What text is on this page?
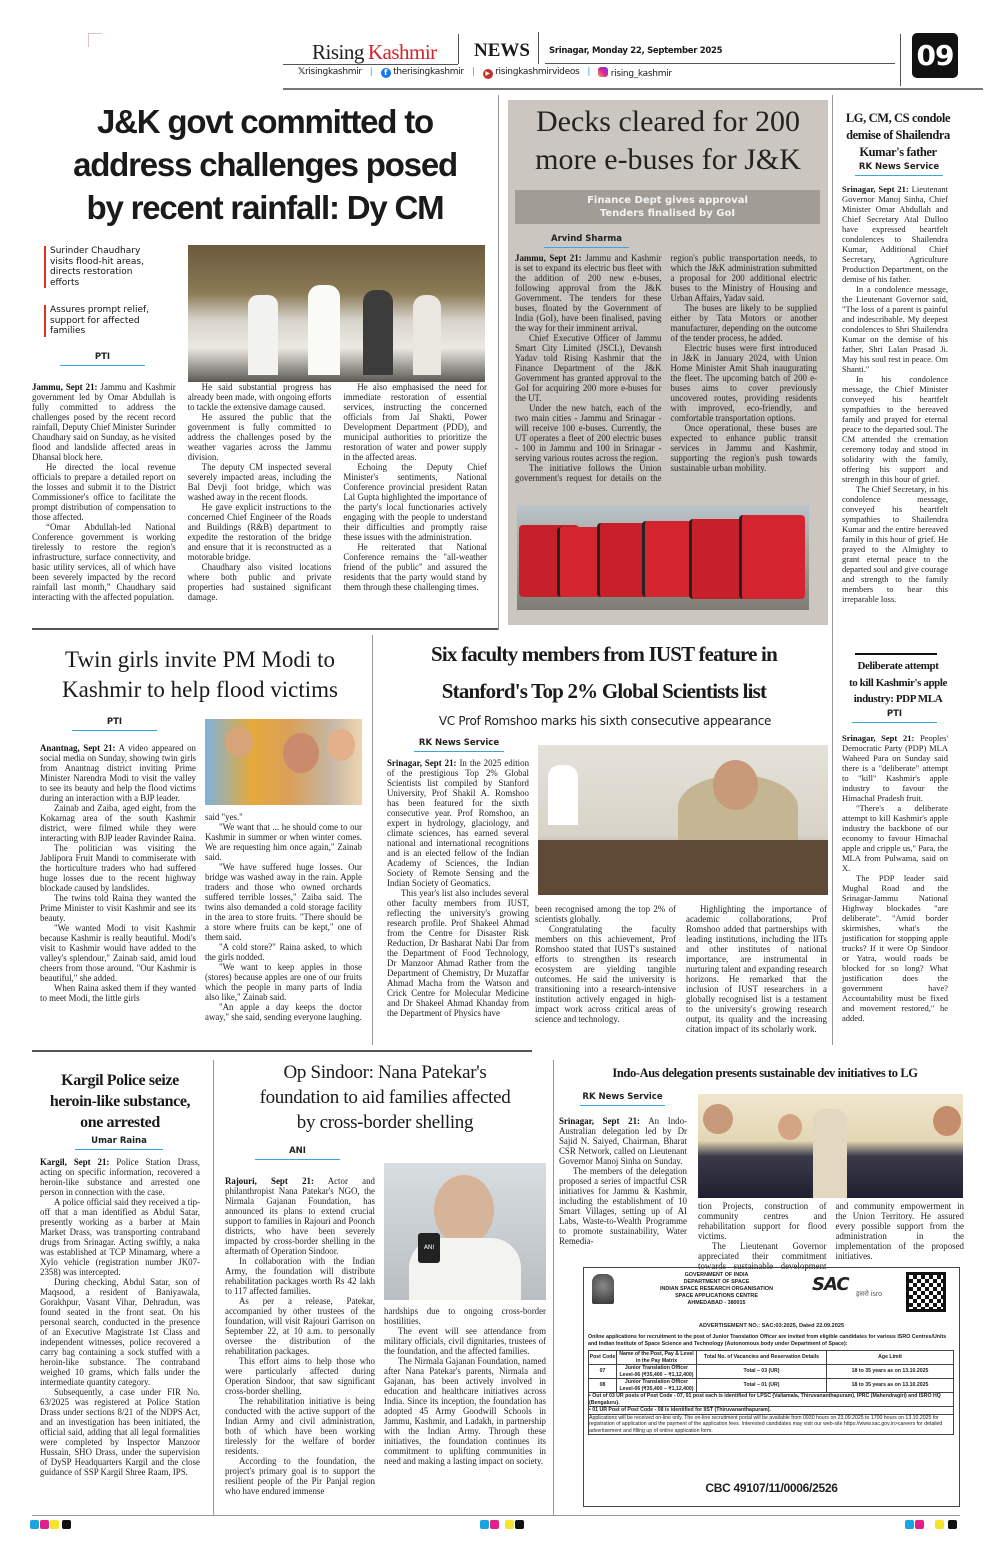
Rising Kashmir NEWS Srinagar, Monday 22, September 2025	09
𝕏risingkashmir |	f therisingkashmir |	▶ risingkashmirvideos |	rising_kashmir
J&K govt committed to
address challenges posed
by recent rainfall: Dy CM
Surinder Chaudhary visits flood-hit areas, directs restoration efforts
Assures prompt relief, support for affected families
PTI

Jammu, Sept 21: Jammu and Kashmir government led by Omar Abdullah is fully committed to address the challenges posed by the recent record rainfall, Deputy Chief Minister Surinder Chaudhary said on Sunday, as he visited flood and landslide affected areas in Dhansal block here.

He directed the local revenue officials to prepare a detailed report on the losses and submit it to the District Commissioner's office to facilitate the prompt distribution of compensation to those affected.

“Omar Abdullah-led National Conference government is working tirelessly to restore the region's infrastructure, surface connectivity, and basic utility services, all of which have been severely impacted by the record rainfall last month,” Chaudhary said interacting with the affected population.

He said substantial progress has already been made, with ongoing efforts to tackle the extensive damage caused.

He assured the public that the government is fully committed to address the challenges posed by the weather vagaries across the Jammu division.

The deputy CM inspected several severely impacted areas, including the Bal Devji foot bridge, which was washed away in the recent floods.

He gave explicit instructions to the concerned Chief Engineer of the Roads and Buildings (R&B) department to expedite the restoration of the bridge and ensure that it is reconstructed as a motorable bridge.

Chaudhary also visited locations where both public and private properties had sustained significant damage.

He also emphasised the need for immediate restoration of essential services, instructing the concerned officials from Jal Shakti, Power Development Department (PDD), and municipal authorities to prioritize the restoration of water and power supply in the affected areas.

Echoing the Deputy Chief Minister's sentiments, National Conference provincial president Ratan Lal Gupta highlighted the importance of the party's local functionaries actively engaging with the people to understand their difficulties and promptly raise these issues with the administration.

He reiterated that National Conference remains the "all-weather friend of the public" and assured the residents that the party would stand by them through these challenging times.

Decks cleared for 200
more e-buses for J&K
Finance Dept gives approval
Tenders finalised by GoI
Arvind Sharma

Jammu, Sept 21: Jammu and Kashmir is set to expand its electric bus fleet with the addition of 200 new e-buses, following approval from the J&K Government. The tenders for these buses, floated by the Government of India (GoI), have been finalised, paving the way for their imminent arrival.

Chief Executive Officer of Jammu Smart City Limited (JSCL), Devansh Yadav told Rising Kashmir that the Finance Department of the J&K Government has granted approval to the GoI for acquiring 200 more e-buses for the UT.

Under the new batch, each of the two main cities - Jammu and Srinagar - will receive 100 e-buses. Currently, the UT operates a fleet of 200 electric buses - 100 in Jammu and 100 in Srinagar - serving various routes across the region.

The initiative follows the Union government's request for details on the region's public transportation needs, to which the J&K administration submitted a proposal for 200 additional electric buses to the Ministry of Housing and Urban Affairs, Yadav said.

The buses are likely to be supplied either by Tata Motors or another manufacturer, depending on the outcome of the tender process, he added.

Electric buses were first introduced in J&K in January 2024, with Union Home Minister Amit Shah inaugurating the fleet. The upcoming batch of 200 e-buses aims to cover previously uncovered routes, providing residents with improved, eco-friendly, and comfortable transportation options.

Once operational, these buses are expected to enhance public transit services in Jammu and Kashmir, supporting the region's push towards sustainable urban mobility.

LG, CM, CS condole
demise of Shailendra
Kumar's father
RK News Service

Srinagar, Sept 21: Lieutenant Governor Manoj Sinha, Chief Minister Omar Abdullah and Chief Secretary Atal Dulloo have expressed heartfelt condolences to Shailendra Kumar, Additional Chief Secretary, Agriculture Production Department, on the demise of his father.

In a condolence message, the Lieutenant Governor said, "The loss of a parent is painful and indescribable. My deepest condolences to Shri Shailendra Kumar on the demise of his father, Shri Lalan Prasad Ji. May his soul rest in peace. Om Shanti."

In his condolence message, the Chief Minister conveyed his heartfelt sympathies to the bereaved family and prayed for eternal peace to the departed soul. The CM attended the cremation ceremony today and stood in solidarity with the family, offering his support and strength in this hour of grief.

The Chief Secretary, in his condolence message, conveyed his heartfelt sympathies to Shailendra Kumar and the entire bereaved family in this hour of grief. He prayed to the Almighty to grant eternal peace to the departed soul and give courage and strength to the family members to bear this irreparable loss.

Deliberate attempt
to kill Kashmir's apple
industry: PDP MLA
PTI

Srinagar, Sept 21: Peoples' Democratic Party (PDP) MLA Waheed Para on Sunday said there is a "deliberate" attempt to "kill" Kashmir's apple industry to favour the Himachal Pradesh fruit.

"There's a deliberate attempt to kill Kashmir's apple industry the backbone of our economy to favour Himachal apple and cripple us," Para, the MLA from Pulwama, said on X.

The PDP leader said Mughal Road and the Srinagar-Jammu National Highway blockades "are deliberate". "Amid border skirmishes, what's the justification for stopping apple trucks? If it were Op Sindoor or Yatra, would roads be blocked for so long? What justification does the government have? Accountability must be fixed and movement restored," he added.

Twin girls invite PM Modi to
Kashmir to help flood victims
PTI

Anantnag, Sept 21: A video appeared on social media on Sunday, showing twin girls from Anantnag district inviting Prime Minister Narendra Modi to visit the valley to see its beauty and help the flood victims during an interaction with a BJP leader.

Zainab and Zaiba, aged eight, from the Kokarnag area of the south Kashmir district, were filmed while they were interacting with BJP leader Ravinder Raina.

The politician was visiting the Jablipora Fruit Mandi to commiserate with the horticulture traders who had suffered huge losses due to the recent highway blockade caused by landslides.

The twins told Raina they wanted the Prime Minister to visit Kashmir and see its beauty.

"We wanted Modi to visit Kashmir because Kashmir is really beautiful. Modi's visit to Kashmir would have added to the valley's splendour," Zainab said, amid loud cheers from those around. "Our Kashmir is beautiful," she added.

When Raina asked them if they wanted to meet Modi, the little girls

said "yes."

"We want that ... he should come to our Kashmir in summer or when winter comes. We are requesting him once again," Zainab said.

"We have suffered huge losses. Our bridge was washed away in the rain. Apple traders and those who owned orchards suffered terrible losses," Zaiba said. The twins also demanded a cold storage facility in the area to store fruits. "There should be a store where fruits can be kept," one of them said.

"A cold store?" Raina asked, to which the girls nodded.

"We want to keep apples in those (stores) because apples are one of our fruits which the people in many parts of India also like," Zainab said.

"An apple a day keeps the doctor away," she said, sending everyone laughing.

Six faculty members from IUST feature in
Stanford's Top 2% Global Scientists list
VC Prof Romshoo marks his sixth consecutive appearance
RK News Service

Srinagar, Sept 21: In the 2025 edition of the prestigious Top 2% Global Scientists list compiled by Stanford University, Prof Shakil A. Romshoo has been featured for the sixth consecutive year. Prof Romshoo, an expert in hydrology, glaciology, and climate sciences, has earned several national and international recognitions and is an elected fellow of the Indian Academy of Sciences, the Indian Society of Remote Sensing and the Indian Society of Geomatics.

This year's list also includes several other faculty members from IUST, reflecting the university's growing research profile. Prof Shakeel Ahmad from the Centre for Disaster Risk Reduction, Dr Basharat Nabi Dar from the Department of Food Technology, Dr Manzoor Ahmad Rather from the Department of Chemistry, Dr Muzaffar Ahmad Macha from the Watson and Crick Centre for Molecular Medicine and Dr Shakeel Ahmad Khanday from the Department of Physics have

been recognised among the top 2% of scientists globally.

Congratulating the faculty members on this achievement, Prof Romshoo stated that IUST's sustained efforts to strengthen its research ecosystem are yielding tangible outcomes. He said the university is transitioning into a research-intensive institution actively engaged in high-impact work across critical areas of science and technology.

Highlighting the importance of academic collaborations, Prof Romshoo added that partnerships with leading institutions, including the IITs and other institutes of national importance, are instrumental in nurturing talent and expanding research horizons. He remarked that the inclusion of IUST researchers in a globally recognised list is a testament to the university's growing research output, its quality and the increasing citation impact of its scholarly work.

Kargil Police seize
heroin-like substance,
one arrested
Umar Raina

Kargil, Sept 21: Police Station Drass, acting on specific information, recovered a heroin-like substance and arrested one person in connection with the case.

A police official said they received a tip-off that a man identified as Abdul Satar, presently working as a barber at Main Market Drass, was transporting contraband drugs from Srinagar. Acting swiftly, a naka was established at TCP Minamarg, where a Xylo vehicle (registration number JK07-2358) was intercepted.

During checking, Abdul Satar, son of Maqsood, a resident of Baniyawala, Gorakhpur, Vasant Vihar, Dehradun, was found seated in the front seat. On his personal search, conducted in the presence of an Executive Magistrate 1st Class and independent witnesses, police recovered a carry bag containing a sock stuffed with a heroin-like substance. The contraband weighed 10 grams, which falls under the intermediate quantity category.

Subsequently, a case under FIR No. 63/2025 was registered at Police Station Drass under sections 8/21 of the NDPS Act, and an investigation has been initiated, the official said, adding that all legal formalities were completed by Inspector Manzoor Hussain, SHO Drass, under the supervision of DySP Headquarters Kargil and the close guidance of SSP Kargil Shree Raam, IPS.

Op Sindoor: Nana Patekar's
foundation to aid families affected
by cross-border shelling
ANI

Rajouri, Sept 21: Actor and philanthropist Nana Patekar's NGO, the Nirmala Gajanan Foundation, has announced its plans to extend crucial support to families in Rajouri and Poonch districts, who have been severely impacted by cross-border shelling in the aftermath of Operation Sindoor.

In collaboration with the Indian Army, the foundation will distribute rehabilitation packages worth Rs 42 lakh to 117 affected families.

As per a release, Patekar, accompanied by other trustees of the foundation, will visit Rajouri Garrison on September 22, at 10 a.m. to personally oversee the distribution of the rehabilitation packages.

This effort aims to help those who were particularly affected during Operation Sindoor, that saw significant cross-border shelling.

The rehabilitation initiative is being conducted with the active support of the Indian Army and civil administration, both of which have been working tirelessly for the welfare of border residents.

According to the foundation, the project's primary goal is to support the resilient people of the Pir Panjal region who have endured immense

ANI

hardships due to ongoing cross-border hostilities.

The event will see attendance from military officials, civil dignitaries, trustees of the foundation, and the affected families.

The Nirmala Gajanan Foundation, named after Nana Patekar's parents, Nirmala and Gajanan, has been actively involved in education and healthcare initiatives across India. Since its inception, the foundation has adopted 45 Army Goodwill Schools in Jammu, Kashmir, and Ladakh, in partnership with the Indian Army. Through these initiatives, the foundation continues its commitment to uplifting communities in need and making a lasting impact on society.

Indo-Aus delegation presents sustainable dev initiatives to LG
RK News Service

Srinagar, Sept 21: An Indo-Australian delegation led by Dr Sajid N. Saiyed, Chairman, Bharat CSR Network, called on Lieutenant Governor Manoj Sinha on Sunday.

The members of the delegation proposed a series of impactful CSR initiatives for Jammu & Kashmir, including the establishment of 10 Smart Villages, setting up of AI Labs, Waste-to-Wealth Programme to promote sustainability, Water Remedia-

tion Projects, construction of community centres and rehabilitation support for flood victims.

The Lieutenant Governor appreciated their commitment towards sustainable development and community empowerment in the Union Territory. He assured every possible support from the administration in the implementation of the proposed initiatives.

GOVERNMENT OF INDIA
DEPARTMENT OF SPACE
INDIAN SPACE RESEARCH ORGANISATION
SPACE APPLICATIONS CENTRE
AHMEDABAD - 380015
SAC इसरो isro
ADVERTISEMENT NO.: SAC:03:2025, Dated 22.09.2025
Online applications for recruitment to the post of Junior Translation Officer are invited from eligible candidates for various ISRO Centres/Units and Indian Institute of Space Science and Technology (Autonomous body under Department of Space):
Post Code	Name of the Post, Pay & Level in the Pay Matrix	Total No. of Vacancies and Reservation Details	Age Limit
07	Junior Translation Officer Level-06 (₹35,400 – ₹1,12,400)	Total – 03 (UR)	18 to 35 years as on 13.10.2025
08	Junior Translation Officer Level-06 (₹35,400 – ₹1,12,400)	Total – 01 (UR)	18 to 35 years as on 13.10.2025
• Out of 03 UR posts of Post Code - 07, 01 post each is identified for LPSC (Valiamala, Thiruvananthapuram), IPRC (Mahendragiri) and ISRO HQ (Bengaluru).			
• 01 UR Post of Post Code - 08 is identified for IIST (Thiruvananthapuram).			
Applications will be received on-line only. The on-line recruitment portal will be available from 0930 hours on 23.09.2025 to 1700 hours on 13.10.2025 for registration of application and the payment of the application fees. Interested candidates may visit our web-site https://www.sac.gov.in>careers for detailed advertisement and filling up of online application form.			
CBC 49107/11/0006/2526
